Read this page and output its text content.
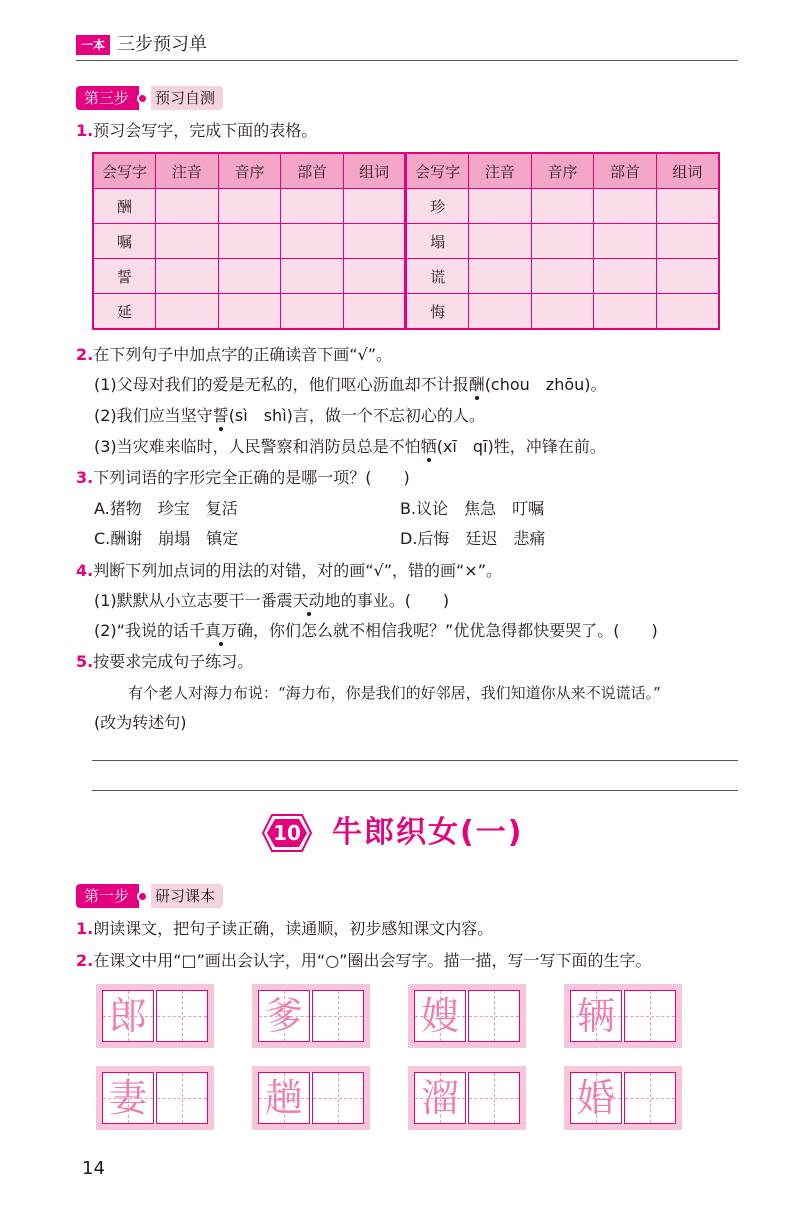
一本 三步预习单
第三步	预习自测
1.预习会写字，完成下面的表格。
会写字	注音	音序	部首	组词	会写字	注音	音序	部首	组词
酬					珍				
嘱					塌				
誓					谎				
延					悔				
2.在下列句子中加点字的正确读音下画“√”。
(1)父母对我们的爱是无私的，他们呕心沥血却不计报酬(chou　zhōu)。
(2)我们应当坚守誓(sì　shì)言，做一个不忘初心的人。
(3)当灾难来临时，人民警察和消防员总是不怕牺(xī　qī)牲，冲锋在前。
3.下列词语的字形完全正确的是哪一项？(　　)
A.猪物　珍宝　复活	B.议论　焦急　叮嘱
C.酬谢　崩塌　镇定	D.后悔　廷迟　悲痛
4.判断下列加点词的用法的对错，对的画“√”，错的画“×”。
(1)默默从小立志要干一番震天动地的事业。(　　)
(2)“我说的话千真万确，你们怎么就不相信我呢？”优优急得都快要哭了。(　　)
5.按要求完成句子练习。
有个老人对海力布说：“海力布，你是我们的好邻居，我们知道你从来不说谎话。”
(改为转述句)
10 牛郎织女(一)
第一步	研习课本
1.朗读课文，把句子读正确，读通顺，初步感知课文内容。
2.在课文中用“□”画出会认字，用“○”圈出会写字。描一描，写一写下面的生字。
郎	爹	嫂	辆
妻	趟	溜	婚
14
